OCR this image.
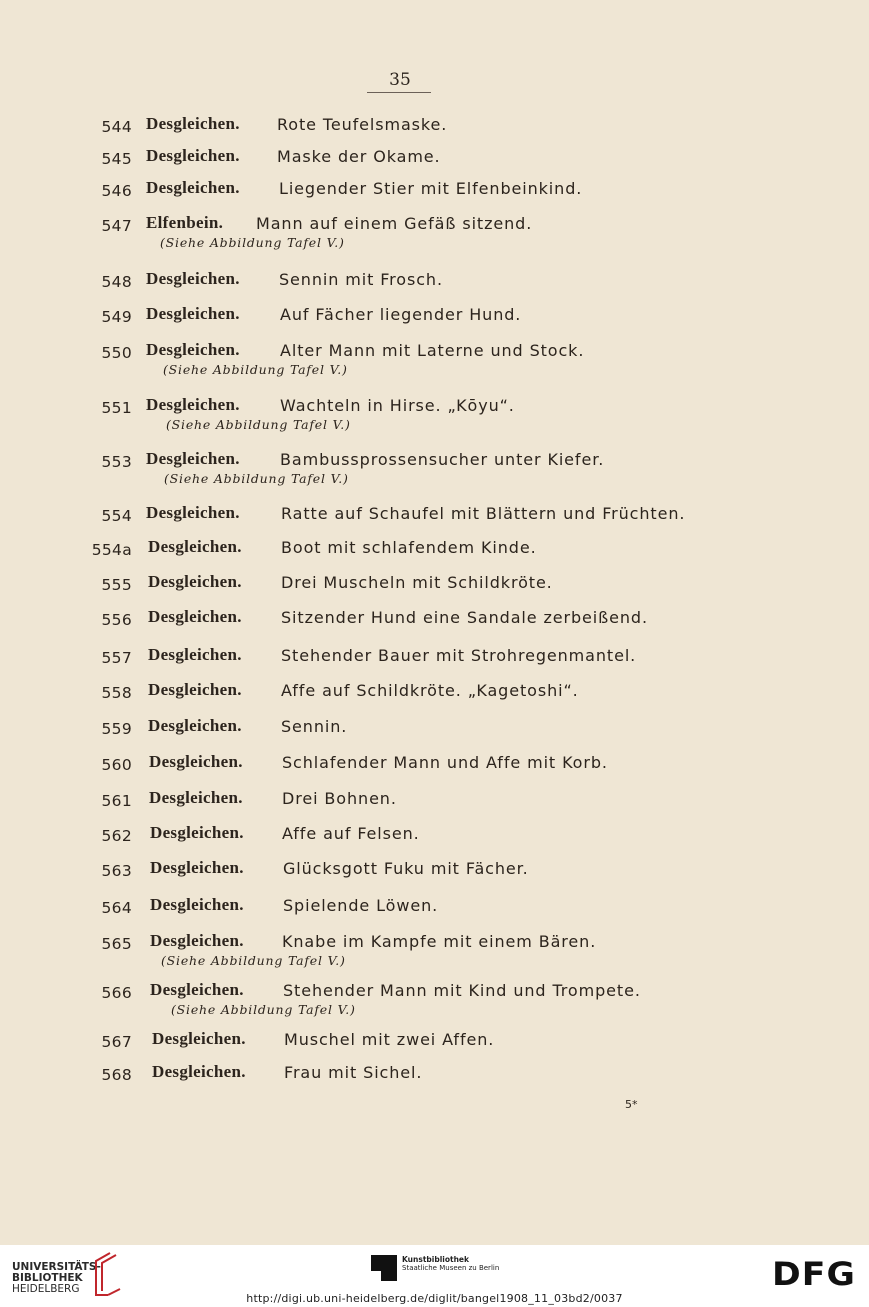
35
544 Desgleichen. Rote Teufelsmaske.
545 Desgleichen. Maske der Okame.
546 Desgleichen. Liegender Stier mit Elfenbeinkind.
547 Elfenbein. Mann auf einem Gefäß sitzend.
(Siehe Abbildung Tafel V.)
548 Desgleichen. Sennin mit Frosch.
549 Desgleichen.	Auf Fächer liegender Hund.
550 Desgleichen.	Alter Mann mit Laterne und Stock.
(Siehe Abbildung Tafel V.)
551 Desgleichen.	Wachteln in Hirse. „Kōyu“.
(Siehe Abbildung Tafel V.)
553 Desgleichen.	Bambussprossensucher unter Kiefer.
(Siehe Abbildung Tafel V.)
554 Desgleichen.	Ratte auf Schaufel mit Blättern und Früchten.
554a Desgleichen. Boot mit schlafendem Kinde.
555 Desgleichen. Drei Muscheln mit Schildkröte.
556 Desgleichen. Sitzender Hund eine Sandale zerbeißend.
557 Desgleichen. Stehender Bauer mit Strohregenmantel.
558 Desgleichen. Affe auf Schildkröte. „Kagetoshi“.
559 Desgleichen. Sennin.
560 Desgleichen. Schlafender Mann und Affe mit Korb.
561 Desgleichen. Drei Bohnen.
562 Desgleichen. Affe auf Felsen.
563 Desgleichen. Glücksgott Fuku mit Fächer.
564 Desgleichen. Spielende Löwen.
565 Desgleichen. Knabe im Kampfe mit einem Bären.
(Siehe Abbildung Tafel V.)
566 Desgleichen. Stehender Mann mit Kind und Trompete.
(Siehe Abbildung Tafel V.)
567 Desgleichen. Muschel mit zwei Affen.
568 Desgleichen. Frau mit Sichel.
5*
UNIVERSITÄTS-
BIBLIOTHEK
HEIDELBERG
Kunstbibliothek
Staatliche Museen zu Berlin	DFG
http://digi.ub.uni-heidelberg.de/diglit/bangel1908_11_03bd2/0037
